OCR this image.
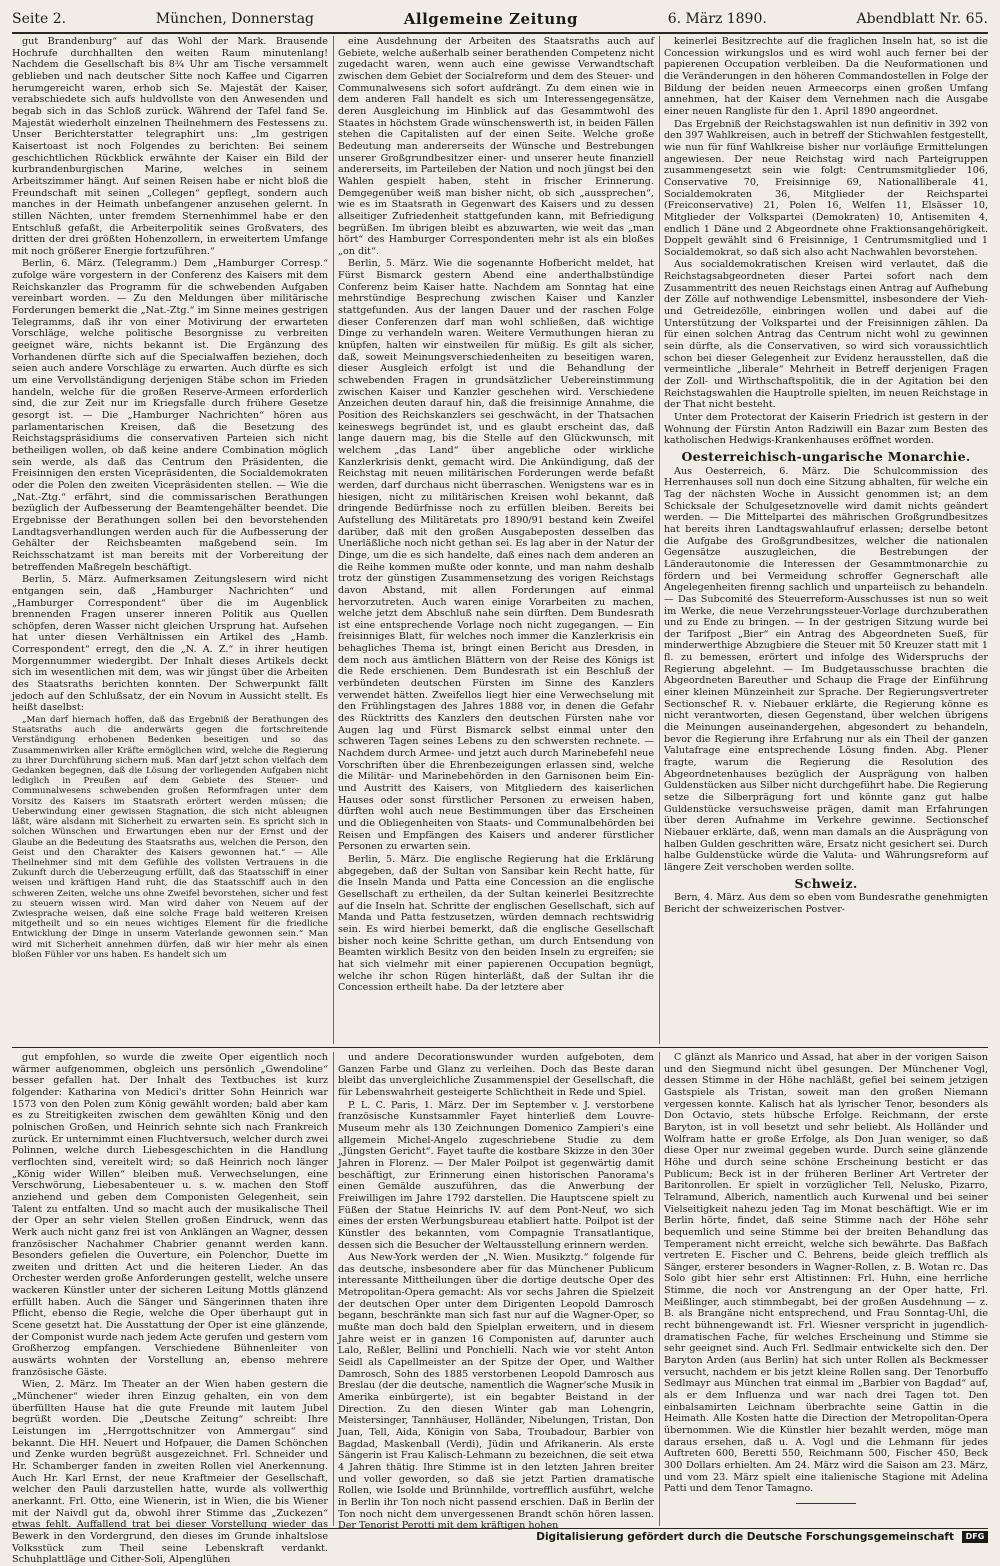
Seite 2.	München, Donnerstag	Allgemeine Zeitung	6. März 1890.	Abendblatt Nr. 65.

gut Brandenburg“ auf das Wohl der Mark. Brausende Hochrufe durchhallten den weiten Raum minutenlang! Nachdem die Gesellschaft bis 8¾ Uhr am Tische versammelt geblieben und nach deutscher Sitte noch Kaffee und Cigarren herumgereicht waren, erhob sich Se. Majestät der Kaiser, verabschiedete sich aufs huldvollste von den Anwesenden und begab sich in das Schloß zurück. Während der Tafel fand Se. Majestät wiederholt einzelnen Theilnehmern des Festessens zu. Unser Berichterstatter telegraphirt uns: „Im gestrigen Kaisertoast ist noch Folgendes zu berichten: Bei seinem geschichtlichen Rückblick erwähnte der Kaiser ein Bild der kurbrandenburgischen Marine, welches in seinem Arbeitszimmer hängt. Auf seinen Reisen habe er nicht bloß die Freundschaft mit seinen „Collegen“ gepflegt, sondern auch manches in der Heimath unbefangener anzusehen gelernt. In stillen Nächten, unter fremdem Sternenhimmel habe er den Entschluß gefaßt, die Arbeiterpolitik seines Großvaters, des dritten der drei größten Hohenzollern, in erweitertem Umfange mit noch größerer Energie fortzuführen.“

Berlin, 6. März. (Telegramm.) Dem „Hamburger Corresp.“ zufolge wäre vorgestern in der Conferenz des Kaisers mit dem Reichskanzler das Programm für die schwebenden Aufgaben vereinbart worden. — Zu den Meldungen über militärische Forderungen bemerkt die „Nat.-Ztg.“ im Sinne meines gestrigen Telegramms, daß ihr von einer Motivirung der erwarteten Vorschläge, welche politische Besorgnisse zu verbreiten geeignet wäre, nichts bekannt ist. Die Ergänzung des Vorhandenen dürfte sich auf die Specialwaffen beziehen, doch seien auch andere Vorschläge zu erwarten. Auch dürfte es sich um eine Vervollständigung derjenigen Stäbe schon im Frieden handeln, welche für die großen Reserve-Armeen erforderlich sind, die zur Zeit nur im Kriegsfalle durch frühere Gesetze gesorgt ist. — Die „Hamburger Nachrichten“ hören aus parlamentarischen Kreisen, daß die Besetzung des Reichstagspräsidiums die conservativen Parteien sich nicht betheiligen wollen, ob daß keine andere Combination möglich sein werde, als daß das Centrum den Präsidenten, die Freisinnigen den ersten Vicepräsidenten, die Socialdemokraten oder die Polen den zweiten Vicepräsidenten stellen. — Wie die „Nat.-Ztg.“ erfährt, sind die commissarischen Berathungen bezüglich der Aufbesserung der Beamtengehälter beendet. Die Ergebnisse der Berathungen sollen bei den bevorstehenden Landtagsverhandlungen werden auch für die Aufbesserung der Gehälter der Reichsbeamten maßgebend sein. Im Reichsschatzamt ist man bereits mit der Vorbereitung der betreffenden Maßregeln beschäftigt.

Berlin, 5. März. Aufmerksamen Zeitungslesern wird nicht entgangen sein, daß „Hamburger Nachrichten“ und „Hamburger Correspondent“ über die im Augenblick brennenden Fragen unserer inneren Politik aus Quellen schöpfen, deren Wasser nicht gleichen Ursprung hat. Aufsehen hat unter diesen Verhältnissen ein Artikel des „Hamb. Correspondent“ erregt, den die „N. A. Z.“ in ihrer heutigen Morgennummer wiedergibt. Der Inhalt dieses Artikels deckt sich im wesentlichen mit dem, was wir jüngst über die Arbeiten des Staatsraths berichten konnten. Der Schwerpunkt fällt jedoch auf den Schlußsatz, der ein Novum in Aussicht stellt. Es heißt daselbst:

„Man darf hiernach hoffen, daß das Ergebniß der Berathungen des Staatsraths auch die anderwärts gegen die fortschreitende Verständigung erhobenen Bedenken beseitigen und so das Zusammenwirken aller Kräfte ermöglichen wird, welche die Regierung zu ihrer Durchführung sichern muß. Man darf jetzt schon vielfach dem Gedanken begegnen, daß die Lösung der vorliegenden Aufgaben nicht lediglich in Preußen auf dem Gebiete des Steuer- und Communalwesens schwebenden großen Reformfragen unter dem Vorsitz des Kaisers im Staatsrath erörtert werden müssen; die Ueberwindung einer gewissen Stagnation, die sich nicht ableugnen läßt, wäre alsdann mit Sicherheit zu erwarten sein. Es spricht sich in solchen Wünschen und Erwartungen eben nur der Ernst und der Glaube an die Bedeutung des Staatsraths aus, welchen die Person, den Geist und den Charakter des Kaisers gewonnen hat.“ — Alle Theilnehmer sind mit dem Gefühle des vollsten Vertrauens in die Zukunft durch die Ueberzeugung erfüllt, daß das Staatsschiff in einer weisen und kräftigen Hand ruht, die das Staatsschiff auch in den schweren Zeiten, welche uns ohne Zweifel bevorstehen, sicher und fest zu steuern wissen wird. Man wird daher von Neuem auf der Zwiesprache weisen, daß eine solche Frage bald weiteren Kreisen mitgetheilt und so ein neues wichtiges Element für die friedliche Entwicklung der Dinge in unserm Vaterlande gewonnen sein.“ Man wird mit Sicherheit annehmen dürfen, daß wir hier mehr als einen bloßen Fühler vor uns haben. Es handelt sich um

eine Ausdehnung der Arbeiten des Staatsraths auch auf Gebiete, welche außerhalb seiner berathenden Competenz nicht zugedacht waren, wenn auch eine gewisse Verwandtschaft zwischen dem Gebiet der Socialreform und dem des Steuer- und Communalwesens sich sofort aufdrängt. Zu dem einen wie in dem anderen Fall handelt es sich um Interessengegensätze, deren Ausgleichung im Hinblick auf das Gesammtwohl des Staates in höchstem Grade wünschenswerth ist, in beiden Fällen stehen die Capitalisten auf der einen Seite. Welche große Bedeutung man andererseits der Wünsche und Bestrebungen unserer Großgrundbesitzer einer- und unserer heute finanziell andererseits, im Parteileben der Nation und noch jüngst bei den Wahlen gespielt haben, steht in frischer Erinnerung. Demgegenüber weiß man bisher nicht, ob sich „aussprechen“, wie es im Staatsrath in Gegenwart des Kaisers und zu dessen allseitiger Zufriedenheit stattgefunden kann, mit Befriedigung begrüßen. Im übrigen bleibt es abzuwarten, wie weit das „man hört“ des Hamburger Correspondenten mehr ist als ein bloßes „on dit“.

Berlin, 5. März. Wie die sogenannte Hofbericht meldet, hat Fürst Bismarck gestern Abend eine anderthalbstündige Conferenz beim Kaiser hatte. Nachdem am Sonntag hat eine mehrstündige Besprechung zwischen Kaiser und Kanzler stattgefunden. Aus der langen Dauer und der raschen Folge dieser Conferenzen darf man wohl schließen, daß wichtige Dinge zu verhandeln waren. Weitere Vermuthungen hieran zu knüpfen, halten wir einstweilen für müßig. Es gilt als sicher, daß, soweit Meinungsverschiedenheiten zu beseitigen waren, dieser Ausgleich erfolgt ist und die Behandlung der schwebenden Fragen in grundsätzlicher Uebereinstimmung zwischen Kaiser und Kanzler geschehen wird. Verschiedene Anzeichen deuten darauf hin, daß die freisinnige Annahme, die Position des Reichskanzlers sei geschwächt, in der Thatsachen keineswegs begründet ist, und es glaubt erscheint das, daß lange dauern mag, bis die Stelle auf den Glückwunsch, mit welchem „das Land“ über angebliche oder wirkliche Kanzlerkrisis denkt, gemacht wird. Die Ankündigung, daß der Reichstag mit neuen militärischen Forderungen werde befaßt werden, darf durchaus nicht überraschen. Wenigstens war es in hiesigen, nicht zu militärischen Kreisen wohl bekannt, daß dringende Bedürfnisse noch zu erfüllen bleiben. Bereits bei Aufstellung des Militäretats pro 1890/91 bestand kein Zweifel darüber, daß mit den großen Ausgabeposten desselben das Unerläßliche noch nicht gethan sei. Es lag aber in der Natur der Dinge, um die es sich handelte, daß eines nach dem anderen an die Reihe kommen mußte oder konnte, und man nahm deshalb trotz der günstigen Zusammensetzung des vorigen Reichstags davon Abstand, mit allen Forderungen auf einmal hervorzutreten. Auch waren einige Vorarbeiten zu machen, welche jetzt dem Abschluß nahe sein dürften. Dem Bundesrath ist eine entsprechende Vorlage noch nicht zugegangen. — Ein freisinniges Blatt, für welches noch immer die Kanzlerkrisis ein behagliches Thema ist, bringt einen Bericht aus Dresden, in dem noch aus ämtlichen Blättern von der Reise des Königs ist die Rede erschienen. Dem Bundesrath ist ein Beschluß der verbündeten deutschen Fürsten im Sinne des Kanzlers verwendet hätten. Zweifellos liegt hier eine Verwechselung mit den Frühlingstagen des Jahres 1888 vor, in denen die Gefahr des Rücktritts des Kanzlers den deutschen Fürsten nahe vor Augen lag und Fürst Bismarck selbst einmal unter den schweren Tagen seines Lebens zu den schwersten rechnete. — Nachdem durch Armee- und jetzt auch durch Marinebefehl neue Vorschriften über die Ehrenbezeigungen erlassen sind, welche die Militär- und Marinebehörden in den Garnisonen beim Ein- und Austritt des Kaisers, von Mitgliedern des kaiserlichen Hauses oder sonst fürstlicher Personen zu erweisen haben, dürften wohl auch neue Bestimmungen über das Erscheinen und die Obliegenheiten von Staats- und Communalbehörden bei Reisen und Empfängen des Kaisers und anderer fürstlicher Personen zu erwarten sein.

Berlin, 5. März. Die englische Regierung hat die Erklärung abgegeben, daß der Sultan von Sansibar kein Recht hatte, für die Inseln Manda und Patta eine Concession an die englische Gesellschaft zu ertheilen, da der Sultan keinerlei Besitzrechte auf die Inseln hat. Schritte der englischen Gesellschaft, sich auf Manda und Patta festzusetzen, würden demnach rechtswidrig sein. Es wird hierbei bemerkt, daß die englische Gesellschaft bisher noch keine Schritte gethan, um durch Entsendung von Beamten wirklich Besitz von den beiden Inseln zu ergreifen; sie hat sich vielmehr mit einer papierenen Occupation begnügt, welche ihr schon Rügen hinterläßt, daß der Sultan ihr die Concession ertheilt habe. Da der letztere aber

keinerlei Besitzrechte auf die fraglichen Inseln hat, so ist die Concession wirkungslos und es wird wohl auch ferner bei der papierenen Occupation verbleiben. Da die Neuformationen und die Veränderungen in den höheren Commandostellen in Folge der Bildung der beiden neuen Armeecorps einen großen Umfang annehmen, hat der Kaiser dem Vernehmen nach die Ausgabe einer neuen Rangliste für den 1. April 1890 angeordnet.

Das Ergebniß der Reichstagswahlen ist nun definitiv in 392 von den 397 Wahlkreisen, auch in betreff der Stichwahlen festgestellt, wie nun für fünf Wahlkreise bisher nur vorläufige Ermittelungen angewiesen. Der neue Reichstag wird nach Parteigruppen zusammengesetzt sein wie folgt: Centrumsmitglieder 106, Conservative 70, Freisinnige 69, Nationalliberale 41, Socialdemokraten 36, Mitglieder der Reichspartei (Freiconservative) 21, Polen 16, Welfen 11, Elsässer 10, Mitglieder der Volkspartei (Demokraten) 10, Antisemiten 4, endlich 1 Däne und 2 Abgeordnete ohne Fraktionsangehörigkeit. Doppelt gewählt sind 6 Freisinnige, 1 Centrumsmitglied und 1 Socialdemokrat, so daß sich also acht Nachwahlen bevorstehen.

Aus socialdemokratischen Kreisen wird verlautet, daß die Reichstagsabgeordneten dieser Partei sofort nach dem Zusammentritt des neuen Reichstags einen Antrag auf Aufhebung der Zölle auf nothwendige Lebensmittel, insbesondere der Vieh- und Getreidezölle, einbringen wollen und dabei auf die Unterstützung der Volkspartei und der Freisinnigen zählen. Da für einen solchen Antrag das Centrum nicht wohl zu gewinnen sein dürfte, als die Conservativen, so wird sich voraussichtlich schon bei dieser Gelegenheit zur Evidenz herausstellen, daß die vermeintliche „liberale“ Mehrheit in Betreff derjenigen Fragen der Zoll- und Wirthschaftspolitik, die in der Agitation bei den Reichstagswahlen die Hauptrolle spielten, im neuen Reichstage in der That nicht besteht.

Unter dem Protectorat der Kaiserin Friedrich ist gestern in der Wohnung der Fürstin Anton Radziwill ein Bazar zum Besten des katholischen Hedwigs-Krankenhauses eröffnet worden.

Oesterreichisch-ungarische Monarchie.

Aus Oesterreich, 6. März. Die Schulcommission des Herrenhauses soll nun doch eine Sitzung abhalten, für welche ein Tag der nächsten Woche in Aussicht genommen ist; an dem Schicksale der Schulgesetznovelle wird damit nichts geändert werden. — Die Mittelpartei des mährischen Großgrundbesitzes hat bereits ihren Landtagswahlaufruf erlassen; derselbe betont die Aufgabe des Großgrundbesitzes, welcher die nationalen Gegensätze auszugleichen, die Bestrebungen der Länderautonomie die Interessen der Gesammtmonarchie zu fördern und bei Vermeidung schroffer Gegnerschaft alle Angelegenheiten firenng sachlich und unparteiisch zu behandeln. — Das Subcomité des Steuerreform-Ausschusses ist nun so weit im Werke, die neue Verzehrungssteuer-Vorlage durchzuberathen und zu Ende zu bringen. — In der gestrigen Sitzung wurde bei der Tarifpost „Bier“ ein Antrag des Abgeordneten Sueß, für minderwerthige Abzugbiere die Steuer mit 50 Kreuzer statt mit 1 fl. zu bemessen, erörtert und infolge des Widerspruchs der Regierung abgelehnt. — Im Budgetausschusse brachten die Abgeordneten Bareuther und Schaup die Frage der Einführung einer kleinen Münzeinheit zur Sprache. Der Regierungsvertreter Sectionschef R. v. Niebauer erklärte, die Regierung könne es nicht verantworten, diesen Gegenstand, über welchen übrigens die Meinungen auseinandergehen, abgesondert zu behandeln, bevor die Regierung ihre Erfahrung nur als ein Theil der ganzen Valutafrage eine entsprechende Lösung finden. Abg. Plener fragte, warum die Regierung die Resolution des Abgeordnetenhauses bezüglich der Ausprägung von halben Guldenstücken aus Silber nicht durchgeführt habe. Die Regierung setze die Silberprägung fort und könnte ganz gut halbe Guldenstücke versuchsweise prägen, damit man Erfahrungen über deren Aufnahme im Verkehre gewinne. Sectionschef Niebauer erklärte, daß, wenn man damals an die Ausprägung von halben Gulden geschritten wäre, Ersatz nicht gesichert sei. Durch halbe Guldenstücke würde die Valuta- und Währungsreform auf längere Zeit verschoben werden sollte.

Schweiz.

Bern, 4. März. Aus dem so eben vom Bundesrathe genehmigten Bericht der schweizerischen Postver-

gut empfohlen, so wurde die zweite Oper eigentlich noch wärmer aufgenommen, obgleich uns persönlich „Gwendoline“ besser gefallen hat. Der Inhalt des Textbuches ist kurz folgender: Katharina von Medici's dritter Sohn Heinrich war 1573 von den Polen zum König gewählt worden; bald aber kam es zu Streitigkeiten zwischen dem gewählten König und den polnischen Großen, und Heinrich sehnte sich nach Frankreich zurück. Er unternimmt einen Fluchtversuch, welcher durch zwei Polinnen, welche durch Liebesgeschichten in die Handlung verflochten sind, vereitelt wird; so daß Heinrich noch länger „König wider Willen“ bleiben muß. Verwechselungen, eine Verschwörung, Liebesabenteuer u. s. w. machen den Stoff anziehend und geben dem Componisten Gelegenheit, sein Talent zu entfalten. Und so macht auch der musikalische Theil der Oper an sehr vielen Stellen großen Eindruck, wenn das Werk auch nicht ganz frei ist von Anklängen an Wagner, dessen französischer Nachahmer Chabrier genannt werden kann. Besonders gefielen die Ouverture, ein Polenchor, Duette im zweiten und dritten Act und die heiteren Lieder. An das Orchester werden große Anforderungen gestellt, welche unsere wackeren Künstler unter der sicheren Leitung Mottls glänzend erfüllt haben. Auch die Sänger und Sängerinnen thaten ihre Pflicht, ebenso die Regie, welche die Oper überhaupt gut in Scene gesetzt hat. Die Ausstattung der Oper ist eine glänzende, der Componist wurde nach jedem Acte gerufen und gestern vom Großherzog empfangen. Verschiedene Bühnenleiter von auswärts wohnten der Vorstellung an, ebenso mehrere französische Gäste.

Wien, 2. März. Im Theater an der Wien haben gestern die „Münchener“ wieder ihren Einzug gehalten, ein von dem überfüllten Hause hat die gute Freunde mit lautem Jubel begrüßt worden. Die „Deutsche Zeitung“ schreibt: Ihre Leistungen im „Herrgottschnitzer von Ammergau“ sind bekannt. Die HH. Neuert und Hofpauer, die Damen Schönchen und Zenke wurden begrüßt ausgezeichnet. Frl. Schneider und Hr. Schamberger fanden in zweiten Rollen viel Anerkennung. Auch Hr. Karl Ernst, der neue Kraftmeier der Gesellschaft, welcher den Pauli darzustellen hatte, wurde als vollwerthig anerkannt. Frl. Otto, eine Wienerin, ist in Wien, die bis Wiener mit der Naivdl gut da, obwohl ihrer Stimme das „Zuckezen“ etwas fehlt. Auffallend trat bei dieser Vorstellung wieder das Bewerk in den Vordergrund, den dieses im Grunde inhaltslose Volksstück zum Theil seine Lebenskraft verdankt. Schuhplattläge und Cither-Soli, Alpenglühen

und andere Decorationswunder wurden aufgeboten, dem Ganzen Farbe und Glanz zu verleihen. Doch das Beste daran bleibt das unvergleichliche Zusammenspiel der Gesellschaft, die für Lebenswahrheit gesteigerte Schlichtheit in Rede und Spiel.

P. L. C. Paris, 1. März. Der im September v. J. verstorbene französische Kunstsammler Fayet hinterließ dem Louvre-Museum mehr als 130 Zeichnungen Domenico Zampieri's eine allgemein Michel-Angelo zugeschriebene Studie zu dem „Jüngsten Gericht“. Fayet taufte die kostbare Skizze in den 30er Jahren in Florenz. — Der Maler Poilpot ist gegenwärtig damit beschäftigt, zur Erinnerung einen historischen Panorama's einen Gemälde auszuführen, das die Anwerbung der Freiwilligen im Jahre 1792 darstellen. Die Hauptscene spielt zu Füßen der Statue Heinrichs IV. auf dem Pont-Neuf, wo sich eines der ersten Werbungsbureau etabliert hatte. Poilpot ist der Künstler des bekannten, vom Compagnie Transatlantique, dessen sich die Besucher der Weltausstellung erinnern werden.

Aus New-York werden der „N. Wien. Musikztg.“ folgende für das deutsche, insbesondere aber für das Münchener Publicum interessante Mittheilungen über die dortige deutsche Oper des Metropolitan-Opera gemacht: Als vor sechs Jahren die Spielzeit der deutschen Oper unter dem Dirigenten Leopold Damrosch begann, beschränkte man sich fast nur auf die Wagner-Oper, so mußte man doch bald den Spielplan erweitern, und in diesem Jahre weist er in ganzen 16 Componisten auf, darunter auch Lalo, Reßler, Bellini und Ponchielli. Nach wie vor steht Anton Seidl als Capellmeister an der Spitze der Oper, und Walther Damrosch, Sohn des 1885 verstorbenen Leopold Damrosch aus Breslau (der die deutsche, namentlich die Wagner'sche Musik in Amerika einbürgerte), ist ein begabter Beistand in der Direction. Zu den diesen Winter gab man Lohengrin, Meistersinger, Tannhäuser, Holländer, Nibelungen, Tristan, Don Juan, Tell, Aida, Königin von Saba, Troubadour, Barbier von Bagdad, Maskenball (Verdi), Jüdin und Afrikanerin. Als erste Sängerin ist Frau Kalisch-Lehmann zu bezeichnen, die seit etwa 4 Jahren thätig. Ihre Stimme ist in den letzten Jahren breiter und voller geworden, so daß sie jetzt Partien dramatische Rollen, wie Isolde und Brünnhilde, vortrefflich ausführt, welche in Berlin ihr Ton noch nicht passend erschien. Daß in Berlin der Ton noch nicht dem unvergessenen Brandt schön hören lassen. Der Tenorist Perotti mit dem kräftigen hohen

C glänzt als Manrico und Assad, hat aber in der vorigen Saison und den Siegmund nicht übel gesungen. Der Münchener Vogl, dessen Stimme in der Höhe nachläßt, gefiel bei seinem jetzigen Gastspiele als Tristan, soweit man den großen Niemann vergessen konnte. Kalisch hat als lyrischer Tenor, besonders als Don Octavio, stets hübsche Erfolge. Reichmann, der erste Baryton, ist in voll besetzt und sehr beliebt. Als Holländer und Wolfram hatte er große Erfolge, als Don Juan weniger, so daß diese Oper nur zweimal gegeben wurde. Durch seine glänzende Höhe und durch seine schöne Erscheinung besticht er das Publicum; Beck ist in der früheren Berliner Art Vertreter der Baritonrollen. Er spielt in vorzüglicher Tell, Nelusko, Pizarro, Telramund, Alberich, namentlich auch Kurwenal und bei seiner Vielseitigkeit nahezu jeden Tag im Monat beschäftigt. Wie er im Berlin hörte, findet, daß seine Stimme nach der Höhe sehr bequemlich und seine Stimme bei der breiten Behandlung das Temperament nicht erreicht, welche sich bewährte. Das Baßfach vertreten E. Fischer und C. Behrens, beide gleich trefflich als Sänger, ersterer besonders in Wagner-Rollen, z. B. Wotan rc. Das Solo gibt hier sehr erst Altistinnen: Frl. Huhn, eine herrliche Stimme, die noch vor Anstrengung an der Oper hatte, Frl. Meißlinger, auch stimmbegabt, bei der großen Ausdehnung — z. B. als Brangäne nicht entsprechend, und Frau Sonntag-Uhl, die recht bühnengewandt ist. Frl. Wiesner verspricht in jugendlich-dramatischen Fache, für welches Erscheinung und Stimme sie sehr geeignet sind. Auch Frl. Sedlmair entwickelte sich den. Der Baryton Arden (aus Berlin) hat sich unter Rollen als Beckmesser versucht, nachdem er bis jetzt kleine Rollen sang. Der Tenorbuffo Sedlmayr aus München trat einmal im „Barbier von Bagdad“ auf, als er dem Influenza und war nach drei Tagen tot. Den einbalsamirten Leichnam überbrachte seine Gattin in die Heimath. Alle Kosten hatte die Direction der Metropolitan-Opera übernommen. Wie die Künstler hier bezahlt werden, möge man daraus ersehen, daß u. A. Vogl und die Lehmann für jedes Auftreten 600, Beretti 550, Reichmann 500, Fischer 450, Beck 300 Dollars erhielten. Am 24. März wird die Saison am 23. März, und vom 23. März spielt eine italienische Stagione mit Adelina Patti und dem Tenor Tamagno.

Digitalisierung gefördert durch die Deutsche Forschungsgemeinschaft	DFG
